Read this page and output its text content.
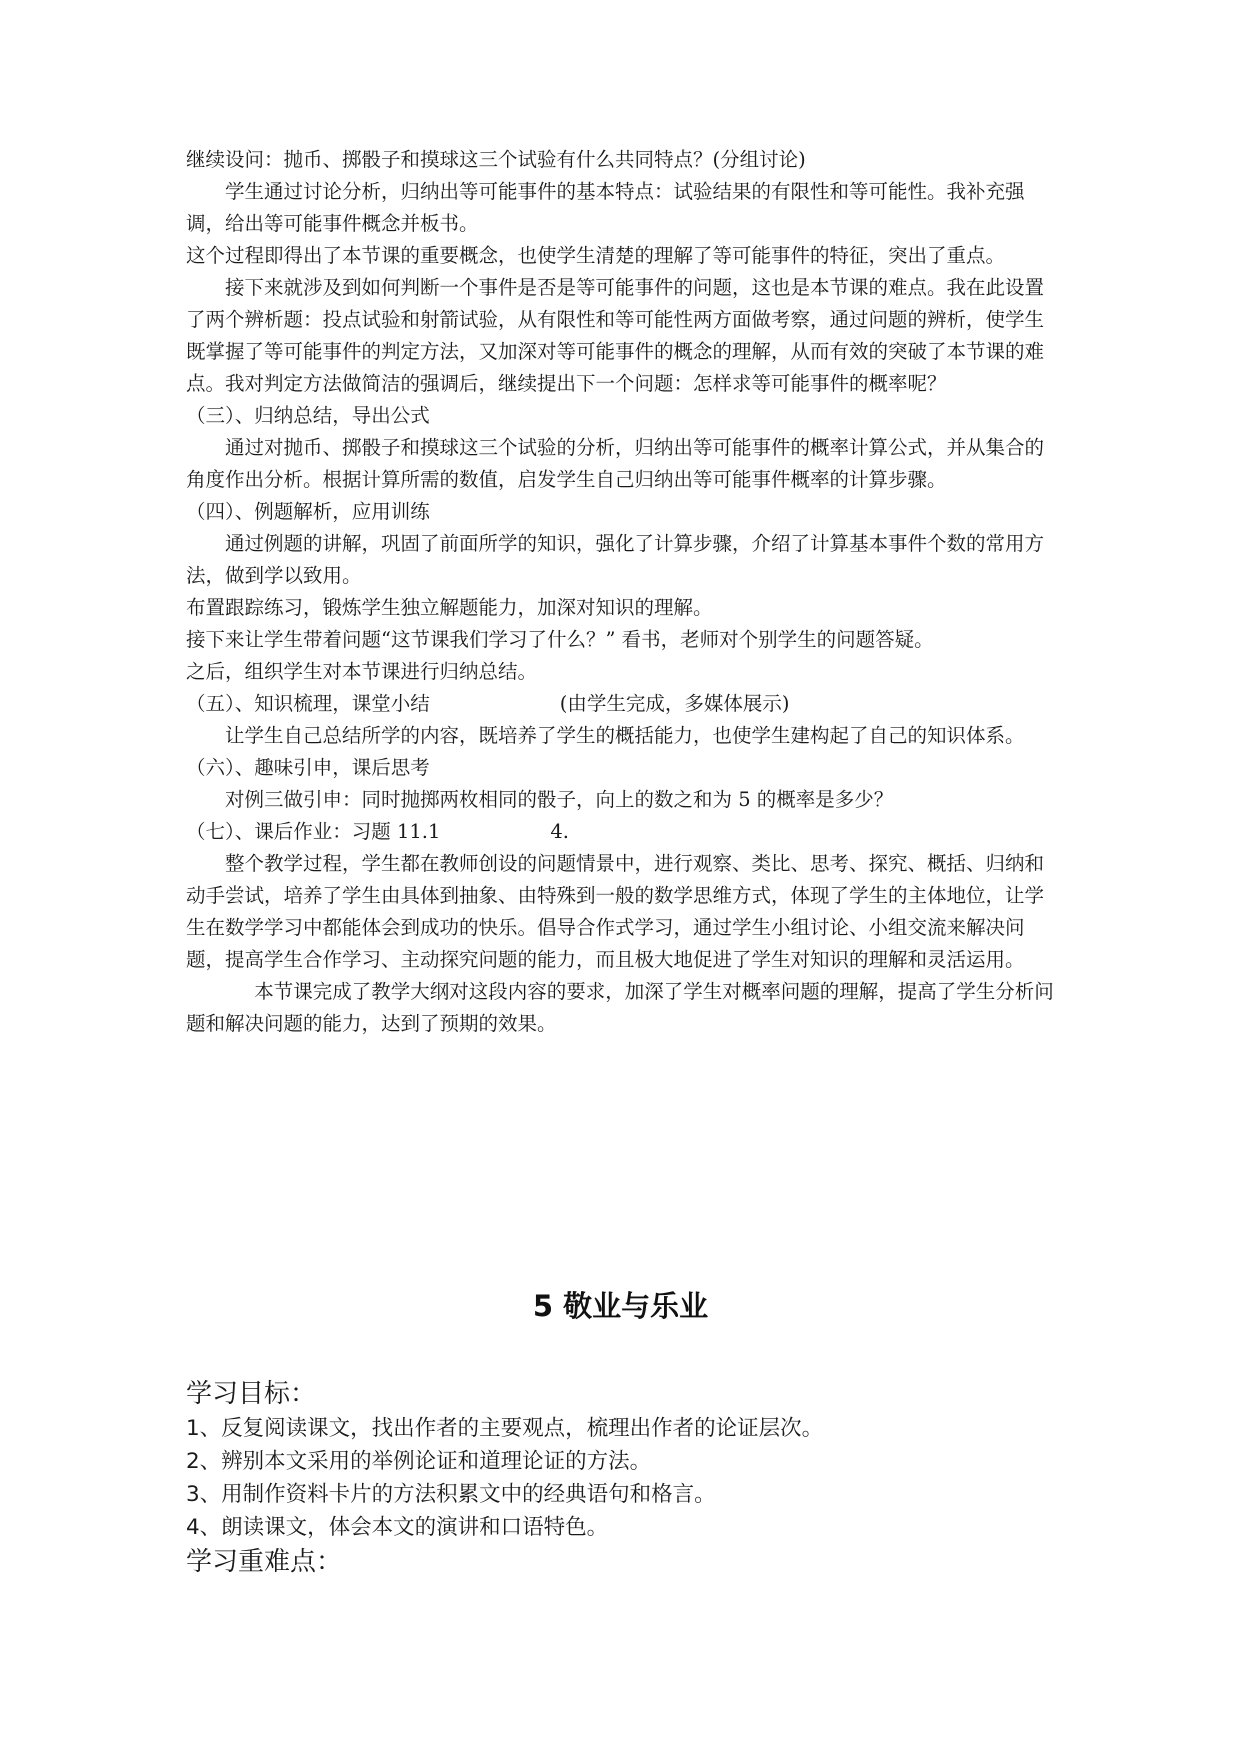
继续设问：抛币、掷骰子和摸球这三个试验有什么共同特点？(分组讨论)

学生通过讨论分析，归纳出等可能事件的基本特点：试验结果的有限性和等可能性。我补充强调，给出等可能事件概念并板书。

这个过程即得出了本节课的重要概念，也使学生清楚的理解了等可能事件的特征，突出了重点。

接下来就涉及到如何判断一个事件是否是等可能事件的问题，这也是本节课的难点。我在此设置了两个辨析题：投点试验和射箭试验，从有限性和等可能性两方面做考察，通过问题的辨析，使学生既掌握了等可能事件的判定方法，又加深对等可能事件的概念的理解，从而有效的突破了本节课的难点。我对判定方法做简洁的强调后，继续提出下一个问题：怎样求等可能事件的概率呢？

（三）、归纳总结，导出公式

通过对抛币、掷骰子和摸球这三个试验的分析，归纳出等可能事件的概率计算公式，并从集合的角度作出分析。根据计算所需的数值，启发学生自己归纳出等可能事件概率的计算步骤。

（四）、例题解析，应用训练

通过例题的讲解，巩固了前面所学的知识，强化了计算步骤，介绍了计算基本事件个数的常用方法，做到学以致用。

布置跟踪练习，锻炼学生独立解题能力，加深对知识的理解。

接下来让学生带着问题“这节课我们学习了什么？” 看书，老师对个别学生的问题答疑。

之后，组织学生对本节课进行归纳总结。

（五）、知识梳理，课堂小结	(由学生完成，多媒体展示)

让学生自己总结所学的内容，既培养了学生的概括能力，也使学生建构起了自己的知识体系。

（六）、趣味引申，课后思考

对例三做引申：同时抛掷两枚相同的骰子，向上的数之和为 5 的概率是多少？

（七）、课后作业：习题 11.1	4.

整个教学过程，学生都在教师创设的问题情景中，进行观察、类比、思考、探究、概括、归纳和动手尝试，培养了学生由具体到抽象、由特殊到一般的数学思维方式，体现了学生的主体地位，让学生在数学学习中都能体会到成功的快乐。倡导合作式学习，通过学生小组讨论、小组交流来解决问题，提高学生合作学习、主动探究问题的能力，而且极大地促进了学生对知识的理解和灵活运用。

本节课完成了教学大纲对这段内容的要求，加深了学生对概率问题的理解，提高了学生分析问题和解决问题的能力，达到了预期的效果。

5 敬业与乐业
学习目标：
1、反复阅读课文，找出作者的主要观点，梳理出作者的论证层次。
2、辨别本文采用的举例论证和道理论证的方法。
3、用制作资料卡片的方法积累文中的经典语句和格言。
4、朗读课文，体会本文的演讲和口语特色。
学习重难点：
